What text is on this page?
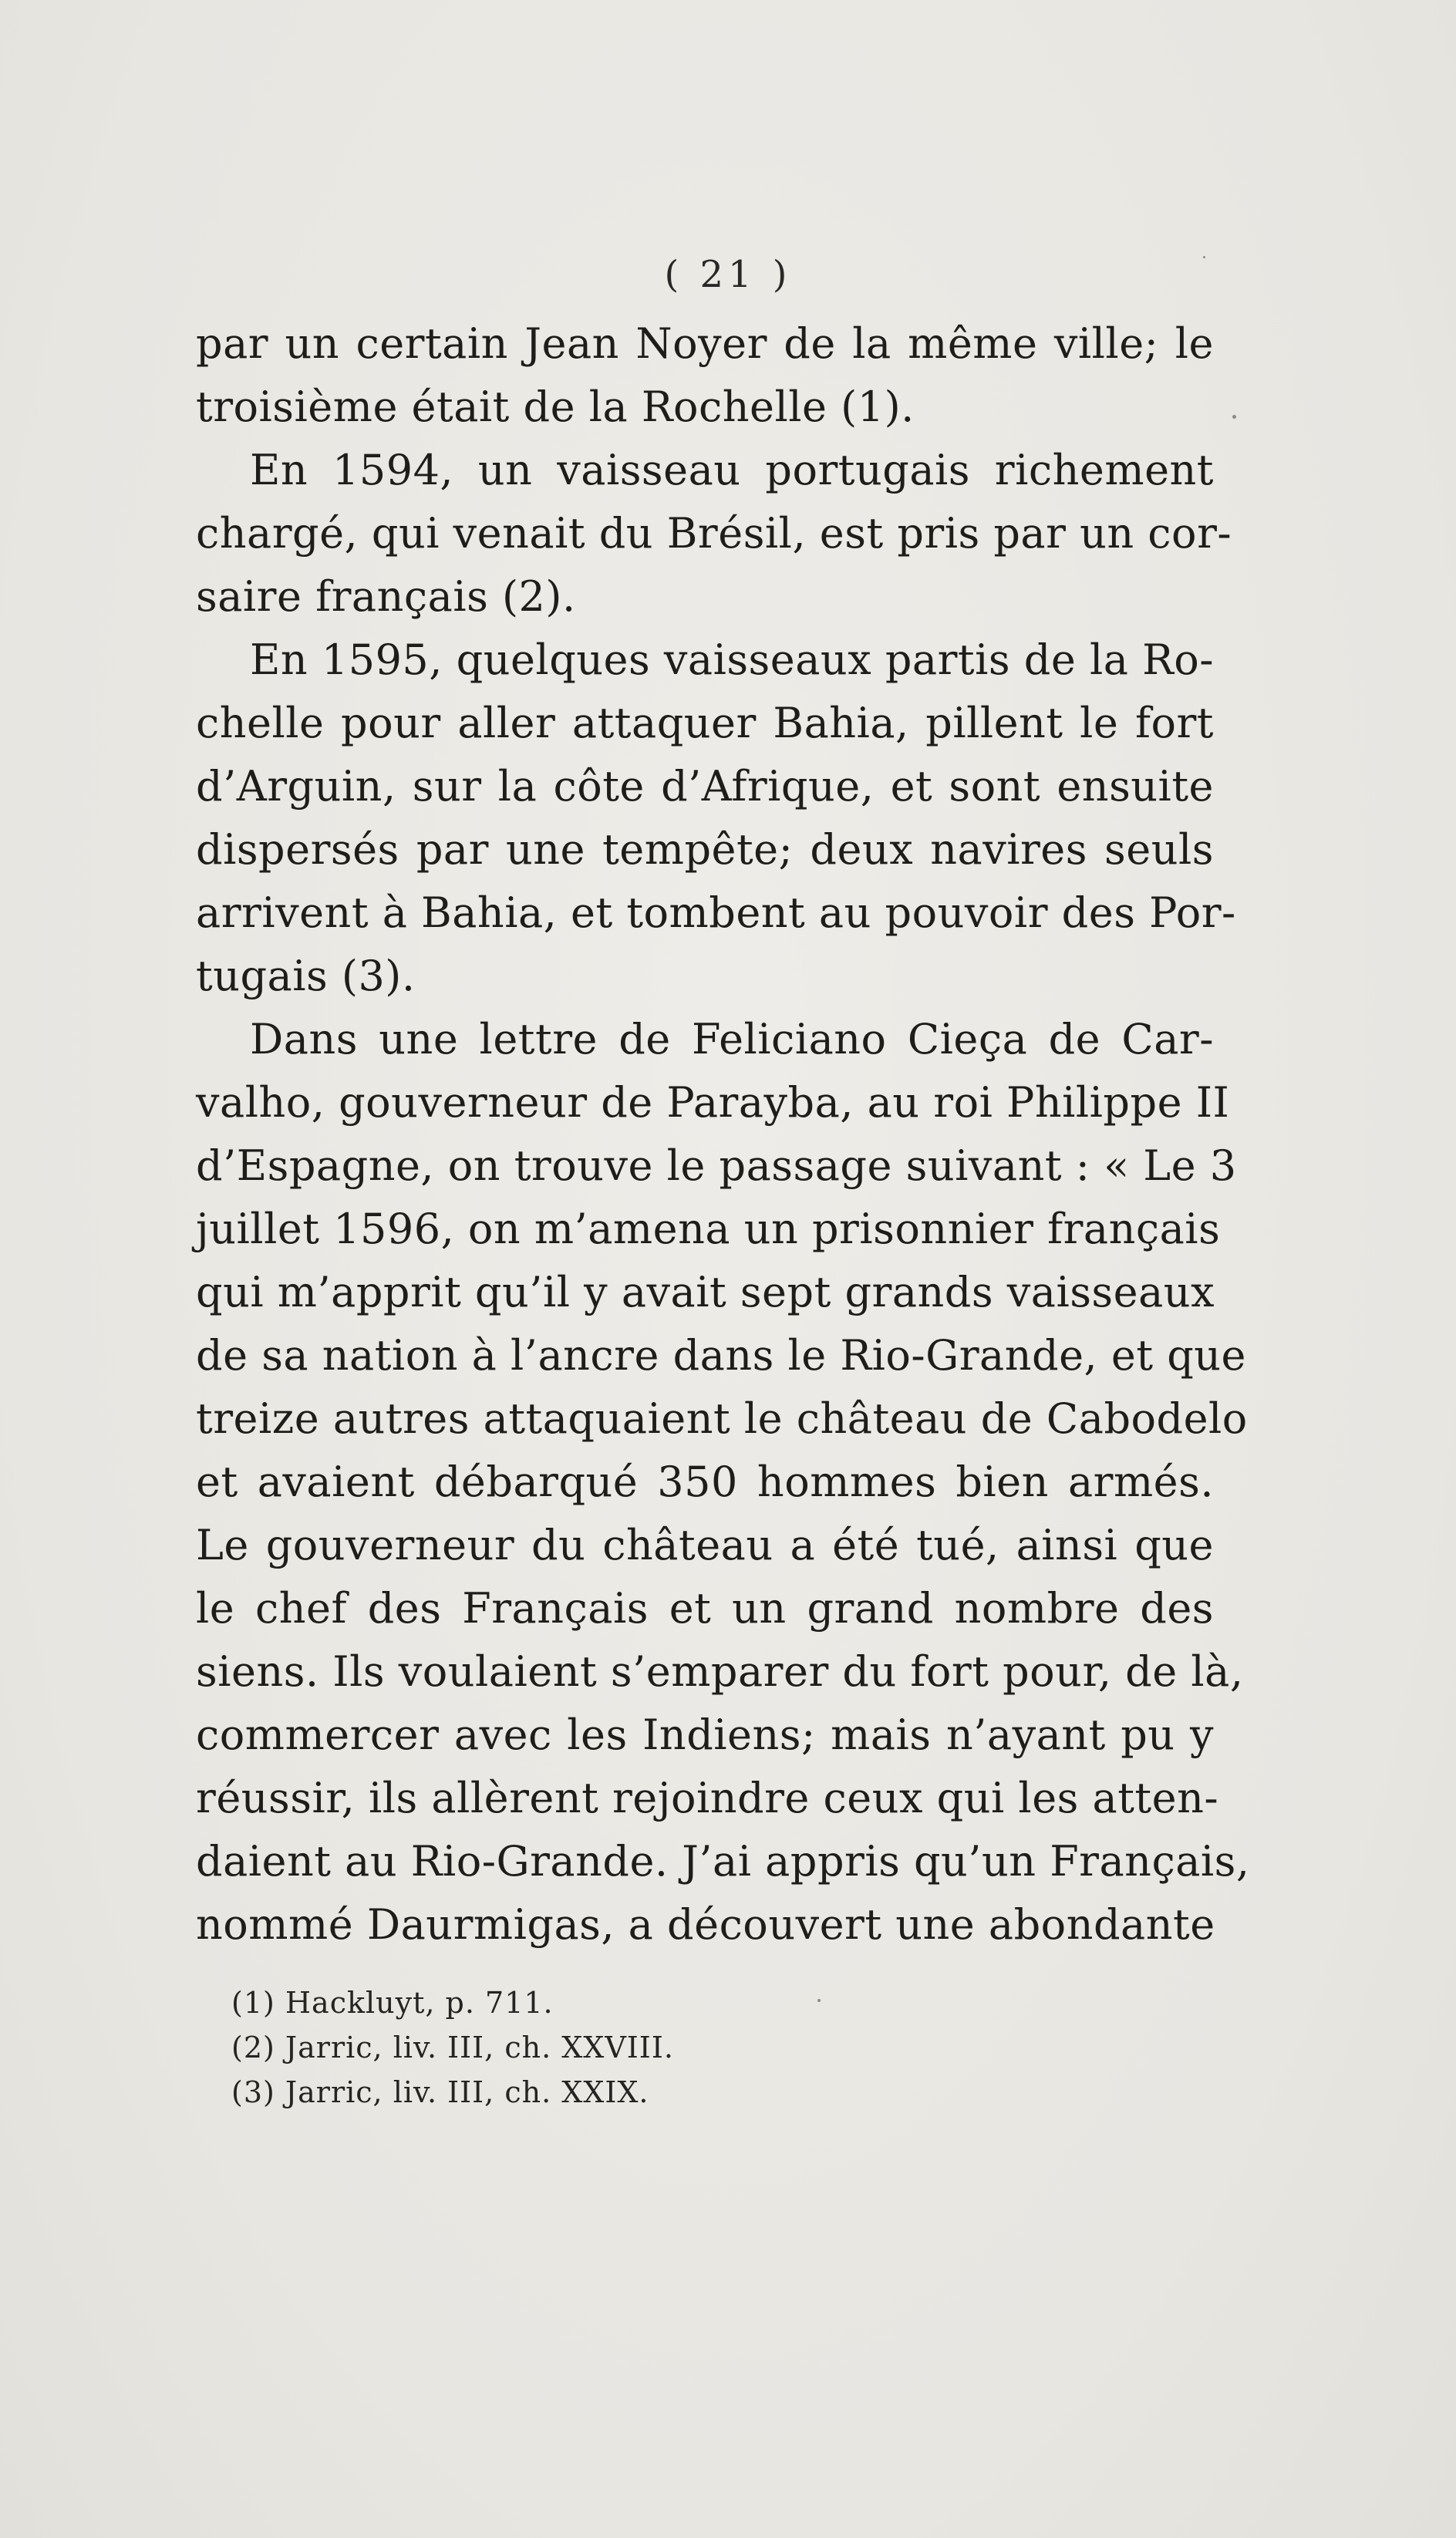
( 21 )
par un certain Jean Noyer de la même ville; le
troisième était de la Rochelle (1).
En 1594, un vaisseau portugais richement
chargé, qui venait du Brésil, est pris par un cor-
saire français (2).
En 1595, quelques vaisseaux partis de la Ro-
chelle pour aller attaquer Bahia, pillent le fort
d’Arguin, sur la côte d’Afrique, et sont ensuite
dispersés par une tempête; deux navires seuls
arrivent à Bahia, et tombent au pouvoir des Por-
tugais (3).
Dans une lettre de Feliciano Cieça de Car-
valho, gouverneur de Parayba, au roi Philippe II
d’Espagne, on trouve le passage suivant : « Le 3
juillet 1596, on m’amena un prisonnier français
qui m’apprit qu’il y avait sept grands vaisseaux
de sa nation à l’ancre dans le Rio-Grande, et que
treize autres attaquaient le château de Cabodelo
et avaient débarqué 350 hommes bien armés.
Le gouverneur du château a été tué, ainsi que
le chef des Français et un grand nombre des
siens. Ils voulaient s’emparer du fort pour, de là,
commercer avec les Indiens; mais n’ayant pu y
réussir, ils allèrent rejoindre ceux qui les atten-
daient au Rio-Grande. J’ai appris qu’un Français,
nommé Daurmigas, a découvert une abondante
(1) Hackluyt, p. 711.
(2) Jarric, liv. III, ch. XXVIII.
(3) Jarric, liv. III, ch. XXIX.
